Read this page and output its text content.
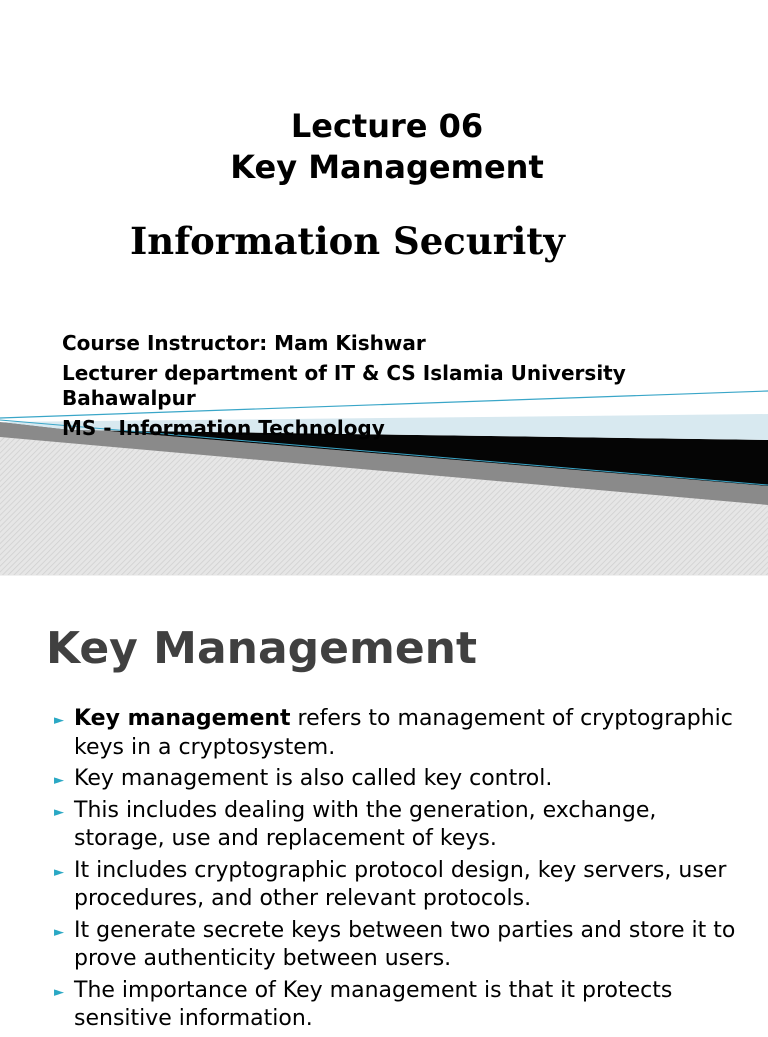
Lecture 06
Key Management
Information Security
Course Instructor: Mam Kishwar
Lecturer department of IT & CS Islamia University Bahawalpur
MS - Information Technology
Key Management
► Key management refers to management of cryptographic keys in a cryptosystem.
► Key management is also called key control.
► This includes dealing with the generation, exchange, storage, use and replacement of keys.
► It includes cryptographic protocol design, key servers, user procedures, and other relevant protocols.
► It generate secrete keys between two parties and store it to prove authenticity between users.
► The importance of Key management is that it protects sensitive information.
